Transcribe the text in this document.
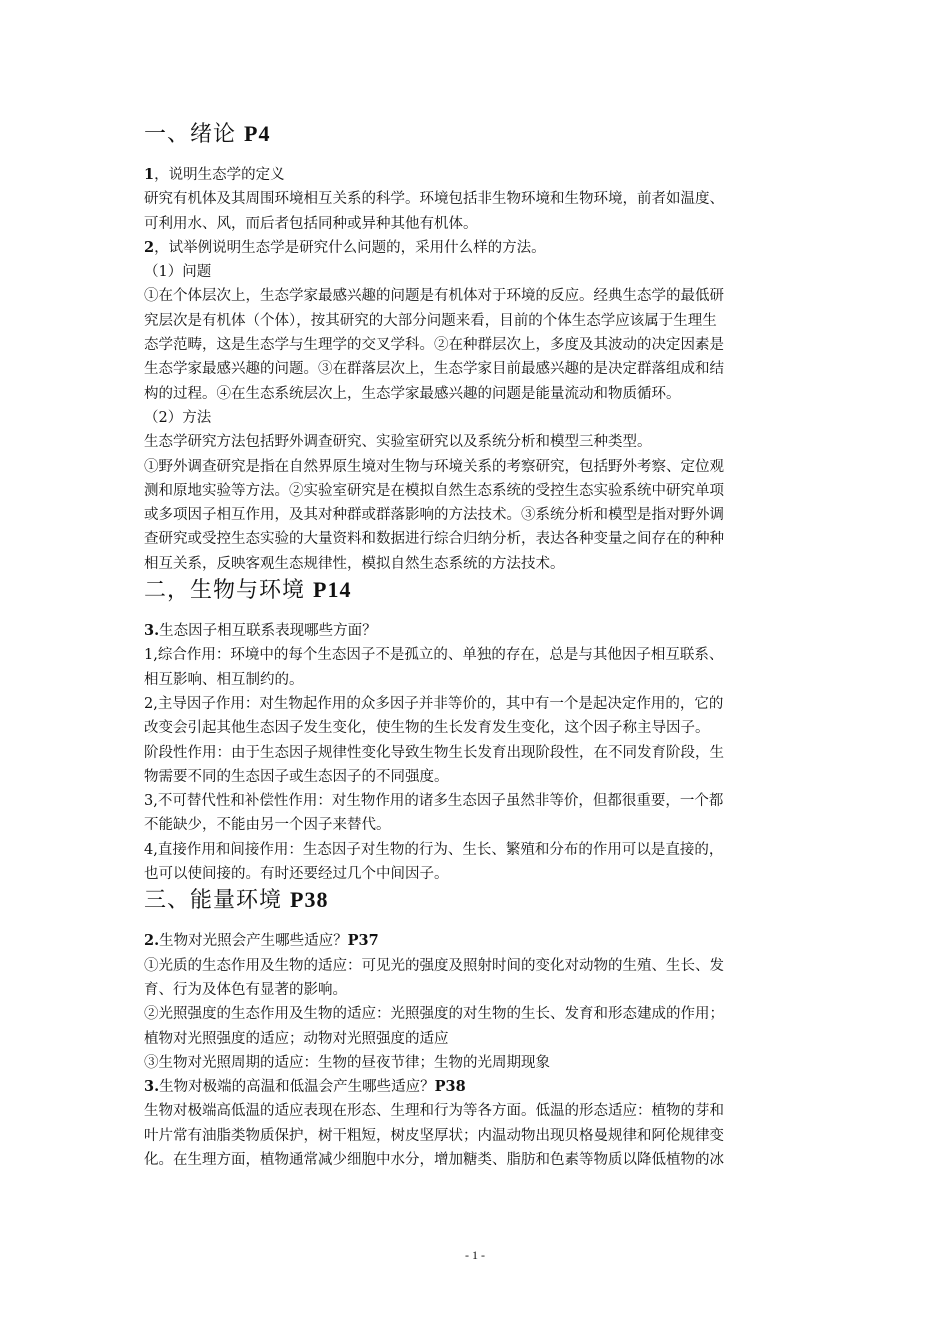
一、绪论 P4
1，说明生态学的定义
研究有机体及其周围环境相互关系的科学。环境包括非生物环境和生物环境，前者如温度、
可利用水、风，而后者包括同种或异种其他有机体。
2，试举例说明生态学是研究什么问题的，采用什么样的方法。
（1）问题
①在个体层次上，生态学家最感兴趣的问题是有机体对于环境的反应。经典生态学的最低研
究层次是有机体（个体），按其研究的大部分问题来看，目前的个体生态学应该属于生理生
态学范畴，这是生态学与生理学的交叉学科。②在种群层次上，多度及其波动的决定因素是
生态学家最感兴趣的问题。③在群落层次上，生态学家目前最感兴趣的是决定群落组成和结
构的过程。④在生态系统层次上，生态学家最感兴趣的问题是能量流动和物质循环。
（2）方法
生态学研究方法包括野外调查研究、实验室研究以及系统分析和模型三种类型。
①野外调查研究是指在自然界原生境对生物与环境关系的考察研究，包括野外考察、定位观
测和原地实验等方法。②实验室研究是在模拟自然生态系统的受控生态实验系统中研究单项
或多项因子相互作用，及其对种群或群落影响的方法技术。③系统分析和模型是指对野外调
查研究或受控生态实验的大量资料和数据进行综合归纳分析，表达各种变量之间存在的种种
相互关系，反映客观生态规律性，模拟自然生态系统的方法技术。
二，生物与环境 P14
3.生态因子相互联系表现哪些方面？
1,综合作用：环境中的每个生态因子不是孤立的、单独的存在，总是与其他因子相互联系、
相互影响、相互制约的。
2,主导因子作用：对生物起作用的众多因子并非等价的，其中有一个是起决定作用的，它的
改变会引起其他生态因子发生变化，使生物的生长发育发生变化，这个因子称主导因子。
阶段性作用：由于生态因子规律性变化导致生物生长发育出现阶段性，在不同发育阶段，生
物需要不同的生态因子或生态因子的不同强度。
3,不可替代性和补偿性作用：对生物作用的诸多生态因子虽然非等价，但都很重要，一个都
不能缺少，不能由另一个因子来替代。
4,直接作用和间接作用：生态因子对生物的行为、生长、繁殖和分布的作用可以是直接的，
也可以使间接的。有时还要经过几个中间因子。
三、能量环境 P38
2.生物对光照会产生哪些适应？P37
①光质的生态作用及生物的适应：可见光的强度及照射时间的变化对动物的生殖、生长、发
育、行为及体色有显著的影响。
②光照强度的生态作用及生物的适应：光照强度的对生物的生长、发育和形态建成的作用；
植物对光照强度的适应；动物对光照强度的适应
③生物对光照周期的适应：生物的昼夜节律；生物的光周期现象
3.生物对极端的高温和低温会产生哪些适应？P38
生物对极端高低温的适应表现在形态、生理和行为等各方面。低温的形态适应：植物的芽和
叶片常有油脂类物质保护，树干粗短，树皮坚厚状；内温动物出现贝格曼规律和阿伦规律变
化。在生理方面，植物通常减少细胞中水分，增加糖类、脂肪和色素等物质以降低植物的冰
- 1 -
